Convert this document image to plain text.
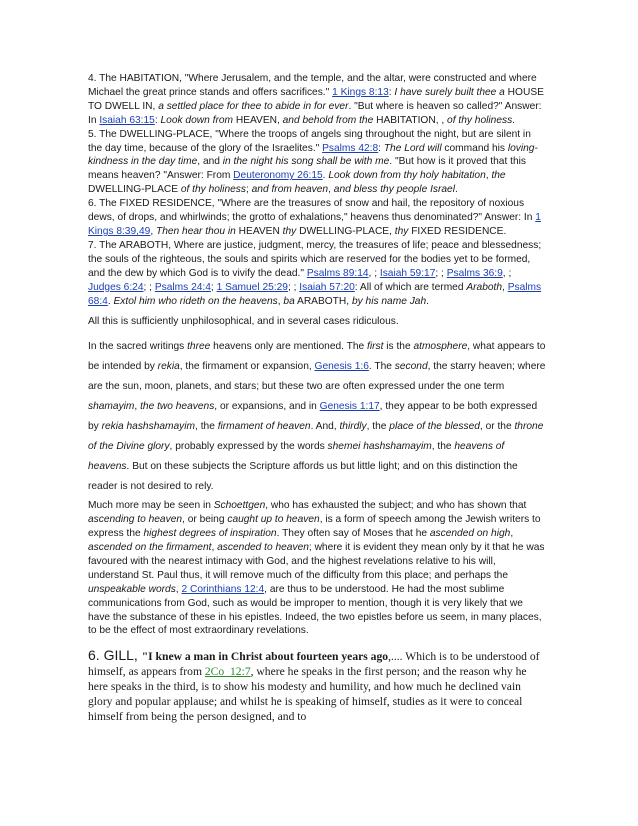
4. The HABITATION, "Where Jerusalem, and the temple, and the altar, were constructed and where Michael the great prince stands and offers sacrifices." 1 Kings 8:13: I have surely built thee a HOUSE TO DWELL IN, a settled place for thee to abide in for ever. "But where is heaven so called?" Answer: In Isaiah 63:15: Look down from HEAVEN, and behold from the HABITATION, , of thy holiness.

5. The DWELLING-PLACE, "Where the troops of angels sing throughout the night, but are silent in the day time, because of the glory of the Israelites." Psalms 42:8: The Lord will command his loving-kindness in the day time, and in the night his song shall be with me. "But how is it proved that this means heaven? "Answer: From Deuteronomy 26:15. Look down from thy holy habitation, the DWELLING-PLACE of thy holiness; and from heaven, and bless thy people Israel.

6. The FIXED RESIDENCE, "Where are the treasures of snow and hail, the repository of noxious dews, of drops, and whirlwinds; the grotto of exhalations," heavens thus denominated?" Answer: In 1 Kings 8:39,49, Then hear thou in HEAVEN thy DWELLING-PLACE, thy FIXED RESIDENCE.

7. The ARABOTH, Where are justice, judgment, mercy, the treasures of life; peace and blessedness; the souls of the righteous, the souls and spirits which are reserved for the bodies yet to be formed, and the dew by which God is to vivify the dead." Psalms 89:14, ; Isaiah 59:17; ; Psalms 36:9, ; Judges 6:24; ; Psalms 24:4; 1 Samuel 25:29; ; Isaiah 57:20: All of which are termed Araboth, Psalms 68:4. Extol him who rideth on the heavens, ba ARABOTH, by his name Jah.

All this is sufficiently unphilosophical, and in several cases ridiculous.

In the sacred writings three heavens only are mentioned. The first is the atmosphere, what appears to be intended by rekia, the firmament or expansion, Genesis 1:6. The second, the starry heaven; where are the sun, moon, planets, and stars; but these two are often expressed under the one term shamayim, the two heavens, or expansions, and in Genesis 1:17, they appear to be both expressed by rekia hashshamayim, the firmament of heaven. And, thirdly, the place of the blessed, or the throne of the Divine glory, probably expressed by the words shemei hashshamayim, the heavens of heavens. But on these subjects the Scripture affords us but little light; and on this distinction the reader is not desired to rely.

Much more may be seen in Schoettgen, who has exhausted the subject; and who has shown that ascending to heaven, or being caught up to heaven, is a form of speech among the Jewish writers to express the highest degrees of inspiration. They often say of Moses that he ascended on high, ascended on the firmament, ascended to heaven; where it is evident they mean only by it that he was favoured with the nearest intimacy with God, and the highest revelations relative to his will, understand St. Paul thus, it will remove much of the difficulty from this place; and perhaps the unspeakable words, 2 Corinthians 12:4, are thus to be understood. He had the most sublime communications from God, such as would be improper to mention, though it is very likely that we have the substance of these in his epistles. Indeed, the two epistles before us seem, in many places, to be the effect of most extraordinary revelations.

6. GILL, "I knew a man in Christ about fourteen years ago,.... Which is to be understood of himself, as appears from 2Co_12:7, where he speaks in the first person; and the reason why he here speaks in the third, is to show his modesty and humility, and how much he declined vain glory and popular applause; and whilst he is speaking of himself, studies as it were to conceal himself from being the person designed, and to
